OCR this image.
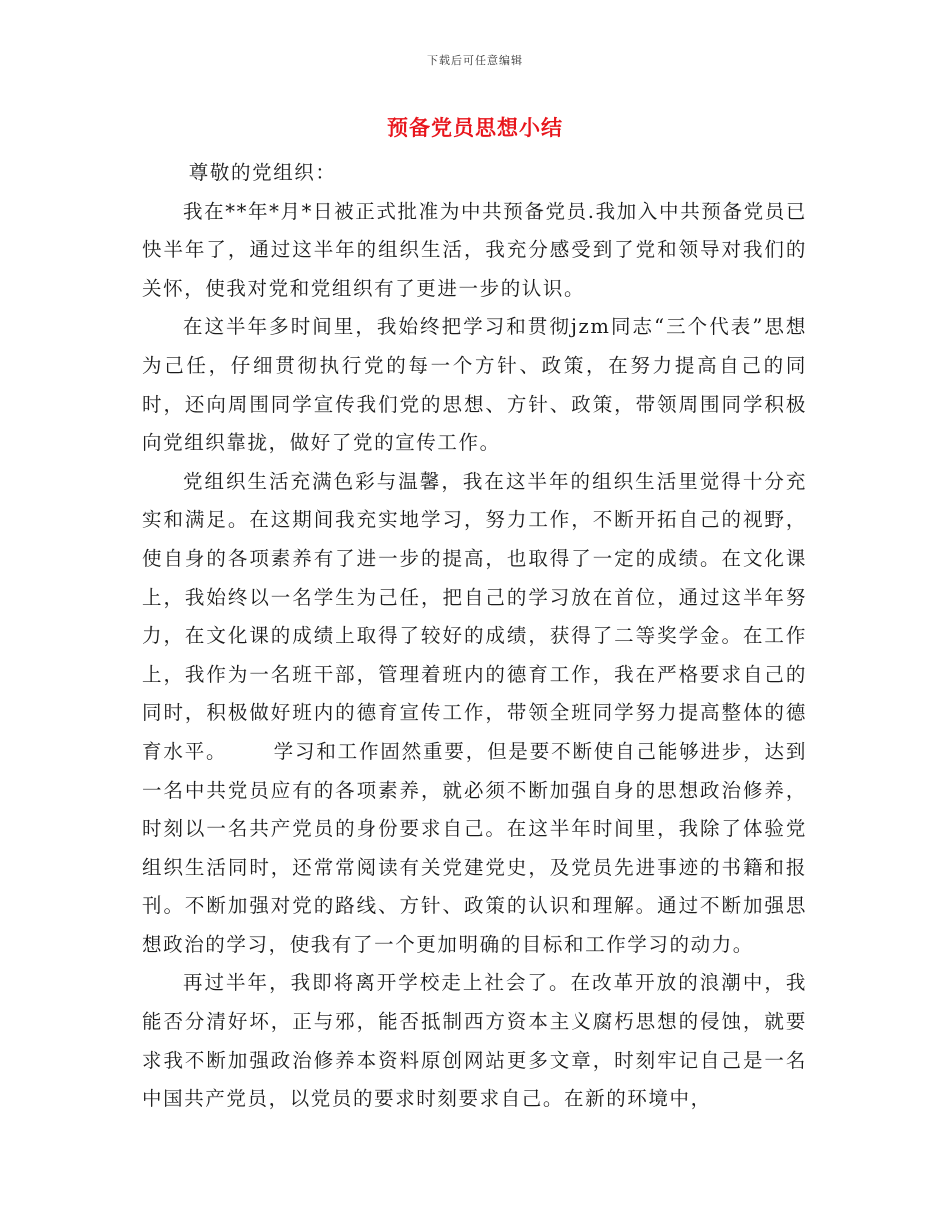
下载后可任意编辑
预备党员思想小结

尊敬的党组织：

我在**年*月*日被正式批准为中共预备党员.我加入中共预备党员已快半年了，通过这半年的组织生活，我充分感受到了党和领导对我们的关怀，使我对党和党组织有了更进一步的认识。

在这半年多时间里，我始终把学习和贯彻jzm同志“三个代表”思想为己任，仔细贯彻执行党的每一个方针、政策，在努力提高自己的同时，还向周围同学宣传我们党的思想、方针、政策，带领周围同学积极向党组织靠拢，做好了党的宣传工作。

党组织生活充满色彩与温馨，我在这半年的组织生活里觉得十分充实和满足。在这期间我充实地学习，努力工作，不断开拓自己的视野，使自身的各项素养有了进一步的提高，也取得了一定的成绩。在文化课上，我始终以一名学生为己任，把自己的学习放在首位，通过这半年努力，在文化课的成绩上取得了较好的成绩，获得了二等奖学金。在工作上，我作为一名班干部，管理着班内的德育工作，我在严格要求自己的同时，积极做好班内的德育宣传工作，带领全班同学努力提高整体的德育水平。 学习和工作固然重要，但是要不断使自己能够进步，达到一名中共党员应有的各项素养，就必须不断加强自身的思想政治修养，时刻以一名共产党员的身份要求自己。在这半年时间里，我除了体验党组织生活同时，还常常阅读有关党建党史，及党员先进事迹的书籍和报刊。不断加强对党的路线、方针、政策的认识和理解。通过不断加强思想政治的学习，使我有了一个更加明确的目标和工作学习的动力。

再过半年，我即将离开学校走上社会了。在改革开放的浪潮中，我能否分清好坏，正与邪，能否抵制西方资本主义腐朽思想的侵蚀，就要求我不断加强政治修养本资料原创网站更多文章，时刻牢记自己是一名中国共产党员，以党员的要求时刻要求自己。在新的环境中，
